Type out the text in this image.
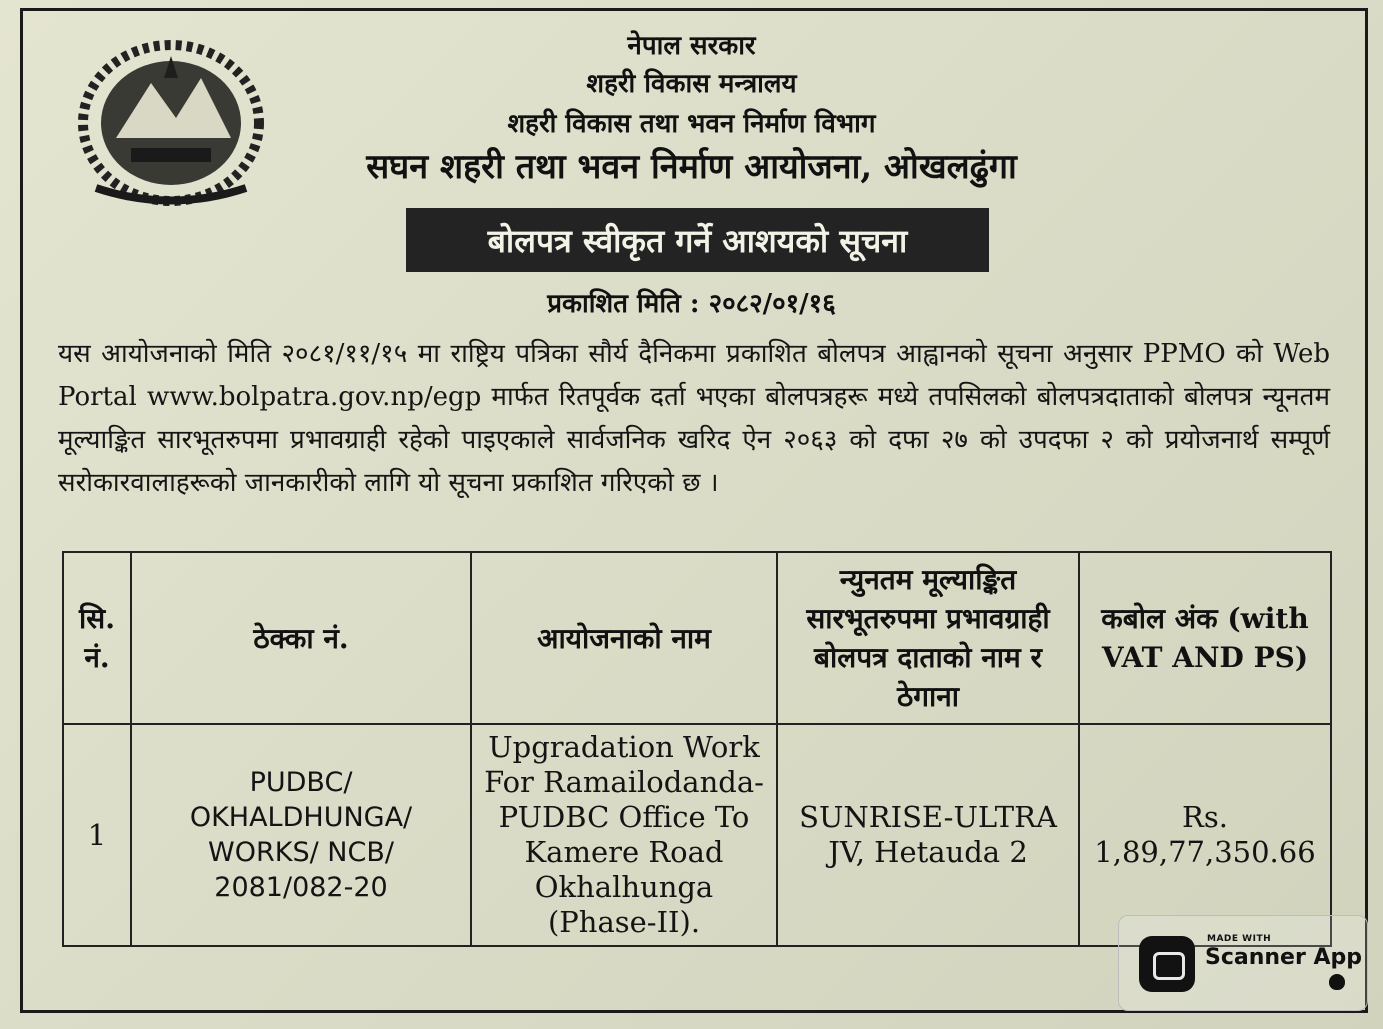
नेपाल सरकार
शहरी विकास मन्त्रालय
शहरी विकास तथा भवन निर्माण विभाग
सघन शहरी तथा भवन निर्माण आयोजना, ओखलढुंगा
बोलपत्र स्वीकृत गर्ने आशयको सूचना
प्रकाशित मिति : २०८२/०१/१६
यस आयोजनाको मिति २०८१/११/१५ मा राष्ट्रिय पत्रिका सौर्य दैनिकमा प्रकाशित बोलपत्र आह्वानको सूचना अनुसार PPMO को Web Portal www.bolpatra.gov.np/egp मार्फत रितपूर्वक दर्ता भएका बोलपत्रहरू मध्ये तपसिलको बोलपत्रदाताको बोलपत्र न्यूनतम मूल्याङ्कित सारभूतरुपमा प्रभावग्राही रहेको पाइएकाले सार्वजनिक खरिद ऐन २०६३ को दफा २७ को उपदफा २ को प्रयोजनार्थ सम्पूर्ण सरोकारवालाहरूको जानकारीको लागि यो सूचना प्रकाशित गरिएको छ ।
सि. नं.	ठेक्का नं.	आयोजनाको नाम	न्युनतम मूल्याङ्कित सारभूतरुपमा प्रभावग्राही बोलपत्र दाताको नाम र ठेगाना	कबोल अंक (with VAT AND PS)
1	PUDBC/ OKHALDHUNGA/ WORKS/ NCB/ 2081/082-20	Upgradation Work For Ramailodanda-PUDBC Office To Kamere Road Okhalhunga (Phase-II).	SUNRISE-ULTRA JV, Hetauda 2	Rs. 1,89,77,350.66
MADE WITH
Scanner App
